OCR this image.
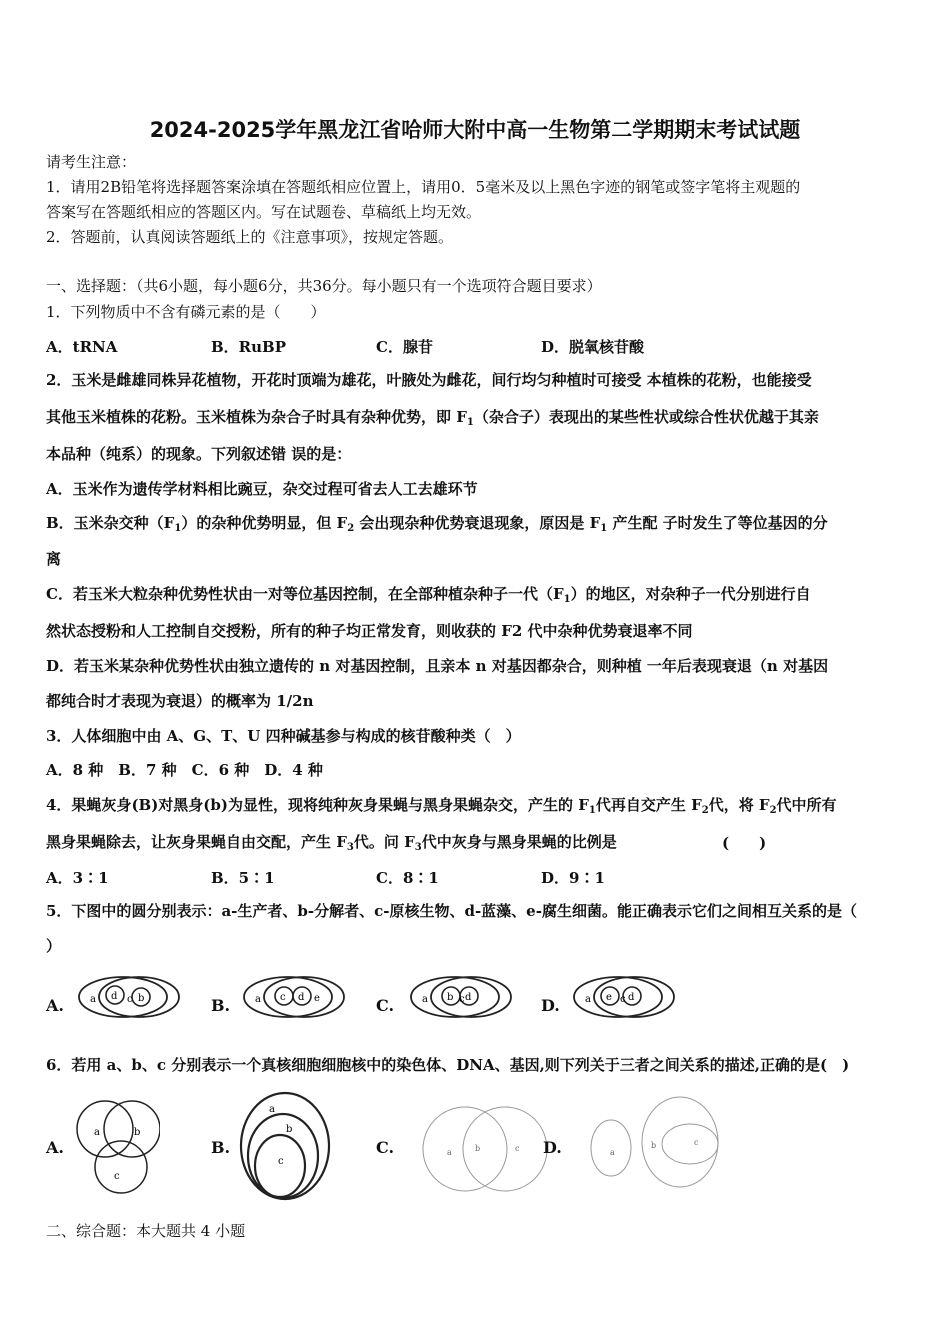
2024-2025学年黑龙江省哈师大附中高一生物第二学期期末考试试题
请考生注意：
1．请用2B铅笔将选择题答案涂填在答题纸相应位置上，请用0．5毫米及以上黑色字迹的钢笔或签字笔将主观题的
答案写在答题纸相应的答题区内。写在试题卷、草稿纸上均无效。
2．答题前，认真阅读答题纸上的《注意事项》，按规定答题。
一、选择题：（共6小题，每小题6分，共36分。每小题只有一个选项符合题目要求）
1．下列物质中不含有磷元素的是（　　）
A．tRNA	B．RuBP	C．腺苷	D．脱氧核苷酸
2．玉米是雌雄同株异花植物，开花时顶端为雄花，叶腋处为雌花，间行均匀种植时可接受 本植株的花粉，也能接受
其他玉米植株的花粉。玉米植株为杂合子时具有杂种优势，即 $F_1$（杂合子）表现出的某些性状或综合性状优越于其亲
本品种（纯系）的现象。下列叙述错 误的是：
A．玉米作为遗传学材料相比豌豆，杂交过程可省去人工去雄环节
B．玉米杂交种$(F_1)$的杂种优势明显，但 $F_2$ 会出现杂种优势衰退现象，原因是 $F_1$ 产生配 子时发生了等位基因的分
离
C．若玉米大粒杂种优势性状由一对等位基因控制，在全部种植杂种子一代$(F_1)$的地区，对杂种子一代分别进行自
然状态授粉和人工控制自交授粉，所有的种子均正常发育，则收获的 F2 代中杂种优势衰退率不同
D．若玉米某杂种优势性状由独立遗传的 n 对基因控制，且亲本 n 对基因都杂合，则种植 一年后表现衰退（n 对基因
都纯合时才表现为衰退）的概率为 1/2n
3．人体细胞中由 A、G、T、U 四种碱基参与构成的核苷酸种类（　）
A．8 种　B．7 种　C．6 种　D．4 种
4．果蝇灰身(B)对黑身(b)为显性，现将纯种灰身果蝇与黑身果蝇杂交，产生的 $F_1$代再自交产生 $F_2$代，将 $F_2$代中所有
黑身果蝇除去，让灰身果蝇自由交配，产生 $F_3$代。问 $F_3$代中灰身与黑身果蝇的比例是	(　　)
A．3∶1	B．5∶1	C．8∶1	D．9∶1
5．下图中的圆分别表示：a-生产者、b-分解者、c-原核生物、d-蓝藻、e-腐生细菌。能正确表示它们之间相互关系的是（
）
A.	a d c b	B. a c d e	C.	a b c d	D.	a e c d
6．若用 a、b、c 分别表示一个真核细胞细胞核中的染色体、DNA、基因,则下列关于三者之间关系的描述,正确的是(　)
A.
a	b
c
B.
a
b
c
C.	a	b	c D.	a
b	c
二、综合题：本大题共 4 小题
